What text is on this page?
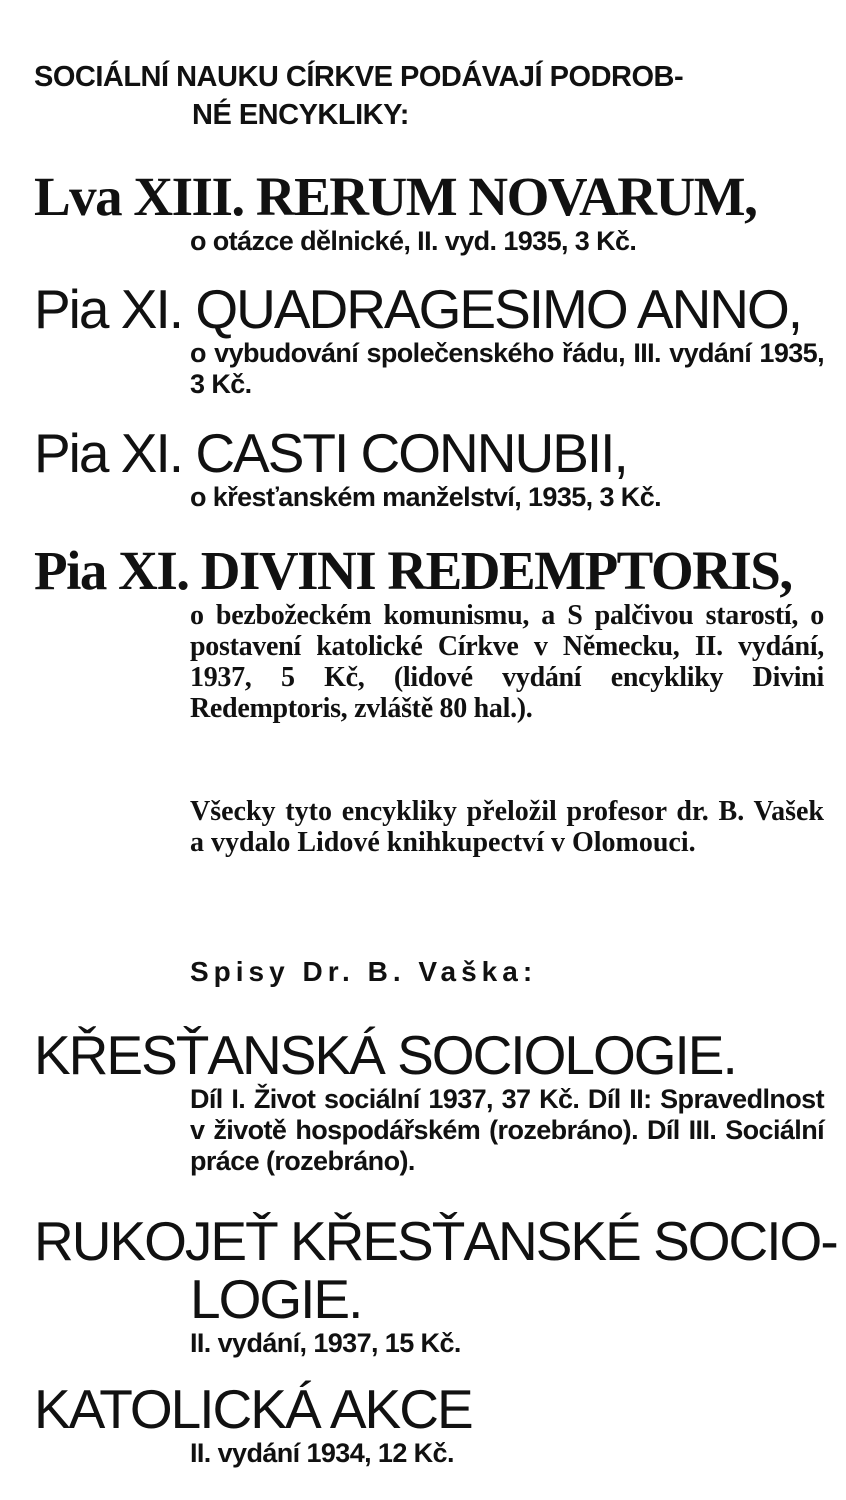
SOCIÁLNÍ NAUKU CÍRKVE PODÁVAJÍ PODROB-
NÉ ENCYKLIKY:
Lva XIII. RERUM NOVARUM,
o otázce dělnické, II. vyd. 1935, 3 Kč.
Pia XI. QUADRAGESIMO ANNO,
o vybudování společenského řádu, III. vydání 1935, 3 Kč.
Pia XI. CASTI CONNUBII,
o křesťanském manželství, 1935, 3 Kč.
Pia XI. DIVINI REDEMPTORIS,
o bezbožeckém komunismu, a S palčivou starostí, o postavení katolické Církve v Německu, II. vydání, 1937, 5 Kč, (lidové vydání encykliky Divini Redemptoris, zvláště 80 hal.).
Všecky tyto encykliky přeložil profesor dr. B. Vašek a vydalo Lidové knihkupectví v Olomouci.
Spisy Dr. B. Vaška:
KŘESŤANSKÁ SOCIOLOGIE.
Díl I. Život sociální 1937, 37 Kč. Díl II: Spravedlnost v životě hospodářském (rozebráno). Díl III. Sociální práce (rozebráno).
RUKOJEŤ KŘESŤANSKÉ SOCIO-
LOGIE.
II. vydání, 1937, 15 Kč.
KATOLICKÁ AKCE
II. vydání 1934, 12 Kč.
